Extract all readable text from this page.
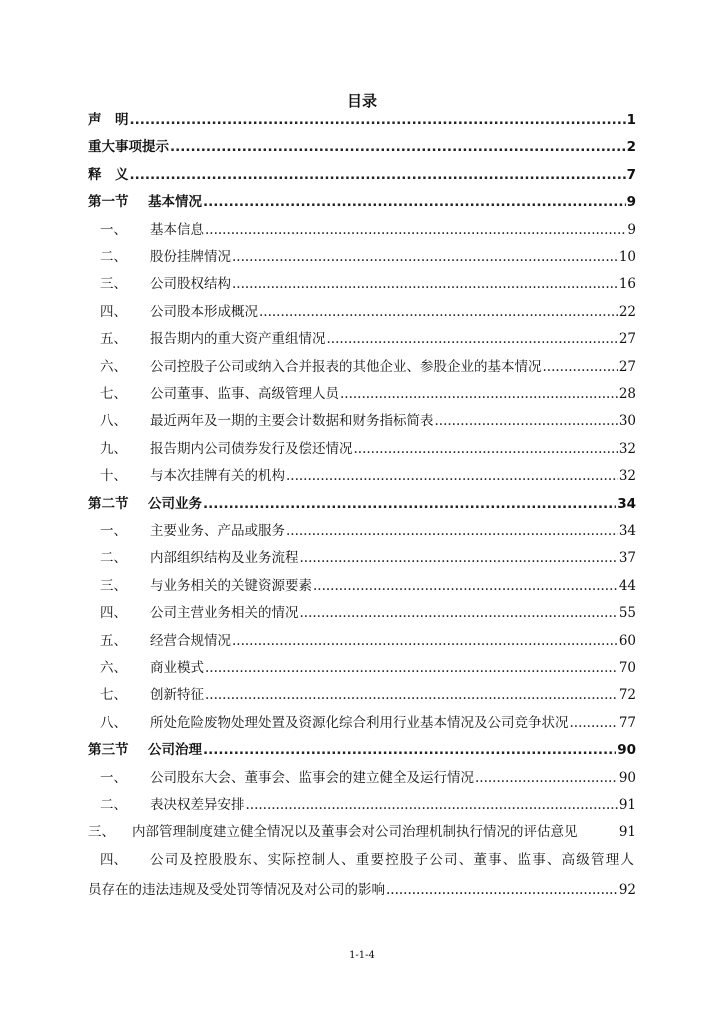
目录
声　明 .....	1
重大事项提示 .....	2
释　义 .....	7
第一节	基本情况 .....	9
一、	基本信息 .....	9
二、	股份挂牌情况 .....	10
三、	公司股权结构 .....	16
四、	公司股本形成概况 .....	22
五、	报告期内的重大资产重组情况 .....	27
六、	公司控股子公司或纳入合并报表的其他企业、参股企业的基本情况 .....	27
七、	公司董事、监事、高级管理人员 .....	28
八、	最近两年及一期的主要会计数据和财务指标简表 .....	30
九、	报告期内公司债券发行及偿还情况 .....	32
十、	与本次挂牌有关的机构 .....	32
第二节	公司业务 .....	34
一、	主要业务、产品或服务 .....	34
二、	内部组织结构及业务流程 .....	37
三、	与业务相关的关键资源要素 .....	44
四、	公司主营业务相关的情况 .....	55
五、	经营合规情况 .....	60
六、	商业模式 .....	70
七、	创新特征 .....	72
八、	所处危险废物处理处置及资源化综合利用行业基本情况及公司竞争状况 .....	77
第三节	公司治理 .....	90
一、	公司股东大会、董事会、监事会的建立健全及运行情况 .....	90
二、	表决权差异安排 .....	91
三、	内部管理制度建立健全情况以及董事会对公司治理机制执行情况的评估意见	91
四、	公司及控股股东、实际控制人、重要控股子公司、董事、监事、高级管理人
员存在的违法违规及受处罚等情况及对公司的影响 .....	92
1-1-4
